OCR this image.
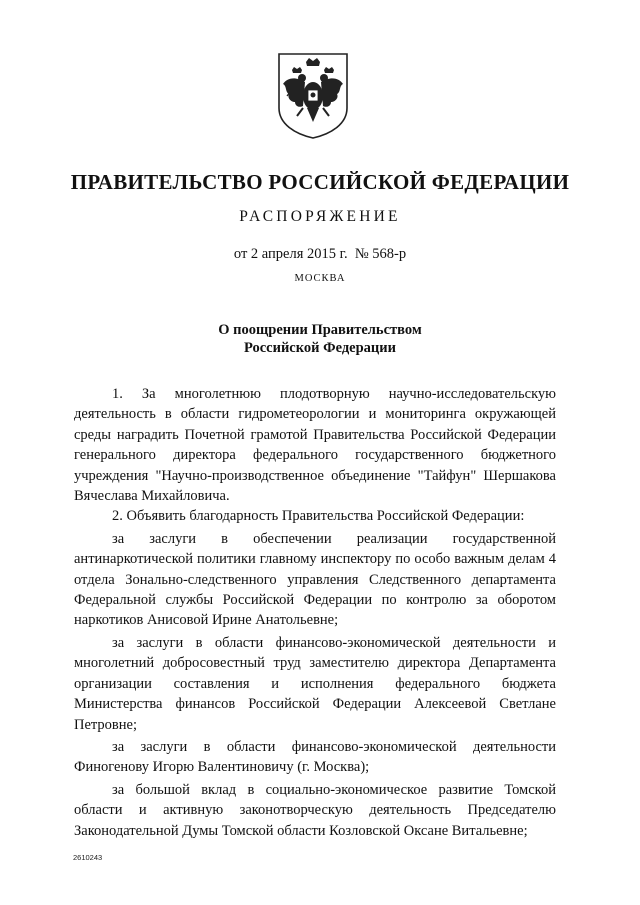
ПРАВИТЕЛЬСТВО РОССИЙСКОЙ ФЕДЕРАЦИИ
РАСПОРЯЖЕНИЕ
от 2 апреля 2015 г.  № 568-р
МОСКВА
О поощрении Правительством
Российской Федерации

1. За многолетнюю плодотворную научно-исследовательскую деятельность в области гидрометеорологии и мониторинга окружающей среды наградить Почетной грамотой Правительства Российской Федерации генерального директора федерального государственного бюджетного учреждения "Научно-производственное объединение "Тайфун" Шершакова Вячеслава Михайловича.

2. Объявить благодарность Правительства Российской Федерации:

за заслуги в обеспечении реализации государственной антинаркотической политики главному инспектору по особо важным делам 4 отдела Зонально-следственного управления Следственного департамента Федеральной службы Российской Федерации по контролю за оборотом наркотиков Анисовой Ирине Анатольевне;

за заслуги в области финансово-экономической деятельности и многолетний добросовестный труд заместителю директора Департамента организации составления и исполнения федерального бюджета Министерства финансов Российской Федерации Алексеевой Светлане Петровне;

за заслуги в области финансово-экономической деятельности Финогенову Игорю Валентиновичу (г. Москва);

за большой вклад в социально-экономическое развитие Томской области и активную законотворческую деятельность Председателю Законодательной Думы Томской области Козловской Оксане Витальевне;

2610243
